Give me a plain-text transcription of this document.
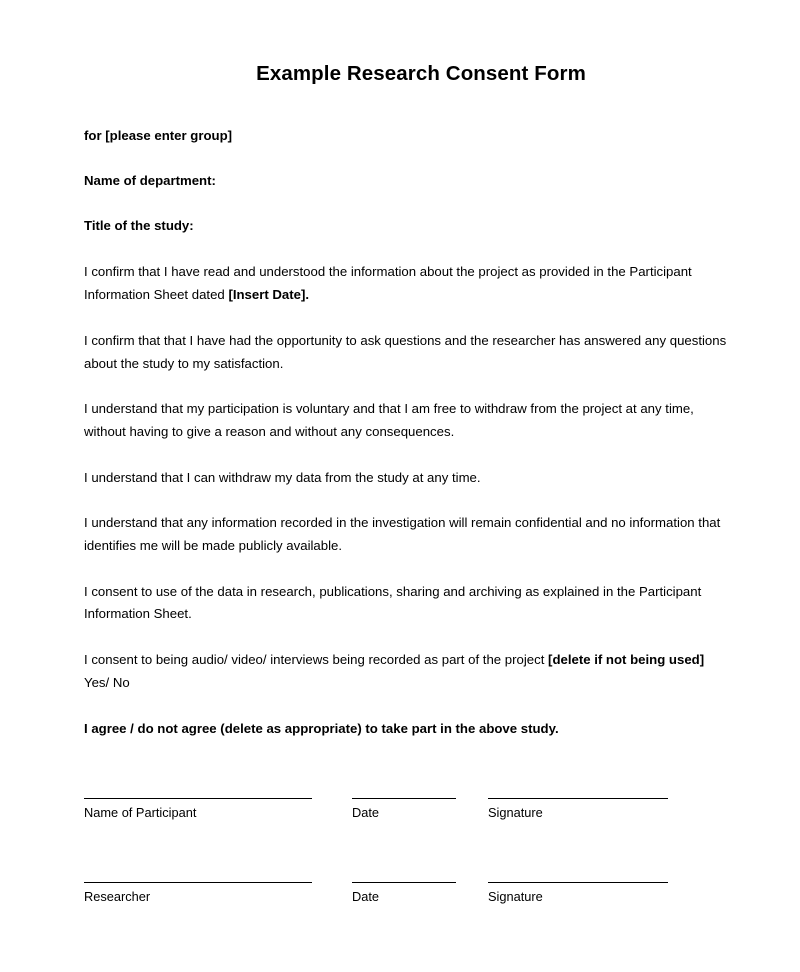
Example Research Consent Form
for [please enter group]
Name of department:
Title of the study:

I confirm that I have read and understood the information about the project as provided in the Participant Information Sheet dated [Insert Date].

I confirm that that I have had the opportunity to ask questions and the researcher has answered any questions about the study to my satisfaction.

I understand that my participation is voluntary and that I am free to withdraw from the project at any time, without having to give a reason and without any consequences.

I understand that I can withdraw my data from the study at any time.

I understand that any information recorded in the investigation will remain confidential and no information that identifies me will be made publicly available.

I consent to use of the data in research, publications, sharing and archiving as explained in the Participant Information Sheet.

I consent to being audio/ video/ interviews being recorded as part of the project [delete if not being used] Yes/ No

I agree / do not agree (delete as appropriate) to take part in the above study.

Name of Participant	Date	Signature
Researcher	Date	Signature
